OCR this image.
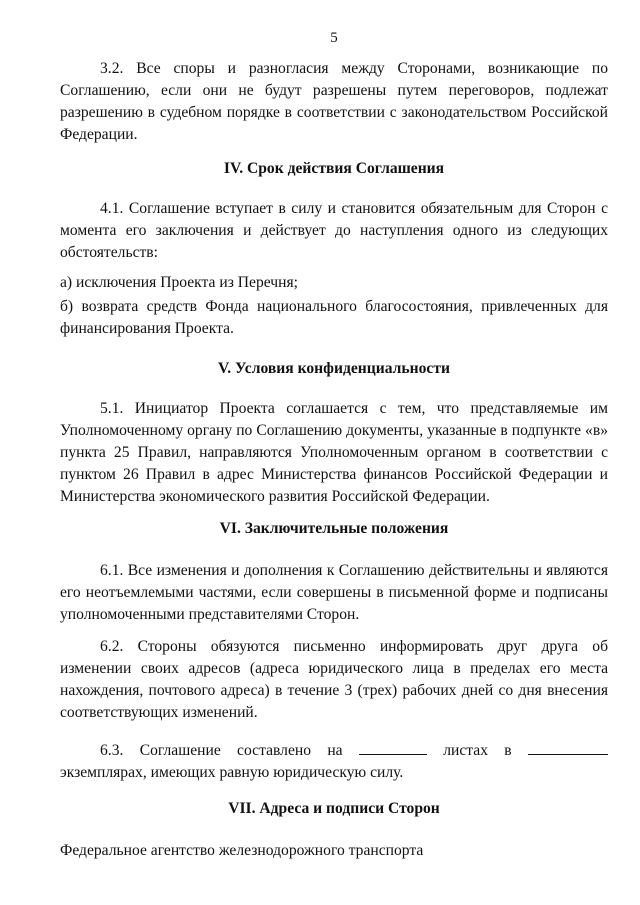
5

3.2. Все споры и разногласия между Сторонами, возникающие по Соглашению, если они не будут разрешены путем переговоров, подлежат разрешению в судебном порядке в соответствии с законодательством Российской Федерации.

IV. Срок действия Соглашения

4.1. Соглашение вступает в силу и становится обязательным для Сторон с момента его заключения и действует до наступления одного из следующих обстоятельств:

а) исключения Проекта из Перечня;

б) возврата средств Фонда национального благосостояния, привлеченных для финансирования Проекта.

V. Условия конфиденциальности

5.1. Инициатор Проекта соглашается с тем, что представляемые им Уполномоченному органу по Соглашению документы, указанные в подпункте «в» пункта 25 Правил, направляются Уполномоченным органом в соответствии с пунктом 26 Правил в адрес Министерства финансов Российской Федерации и Министерства экономического развития Российской Федерации.

VI. Заключительные положения

6.1. Все изменения и дополнения к Соглашению действительны и являются его неотъемлемыми частями, если совершены в письменной форме и подписаны уполномоченными представителями Сторон.

6.2. Стороны обязуются письменно информировать друг друга об изменении своих адресов (адреса юридического лица в пределах его места нахождения, почтового адреса) в течение 3 (трех) рабочих дней со дня внесения соответствующих изменений.

6.3. Соглашение составлено на	листах в  экземплярах, имеющих равную юридическую силу.

VII. Адреса и подписи Сторон

Федеральное агентство железнодорожного транспорта
